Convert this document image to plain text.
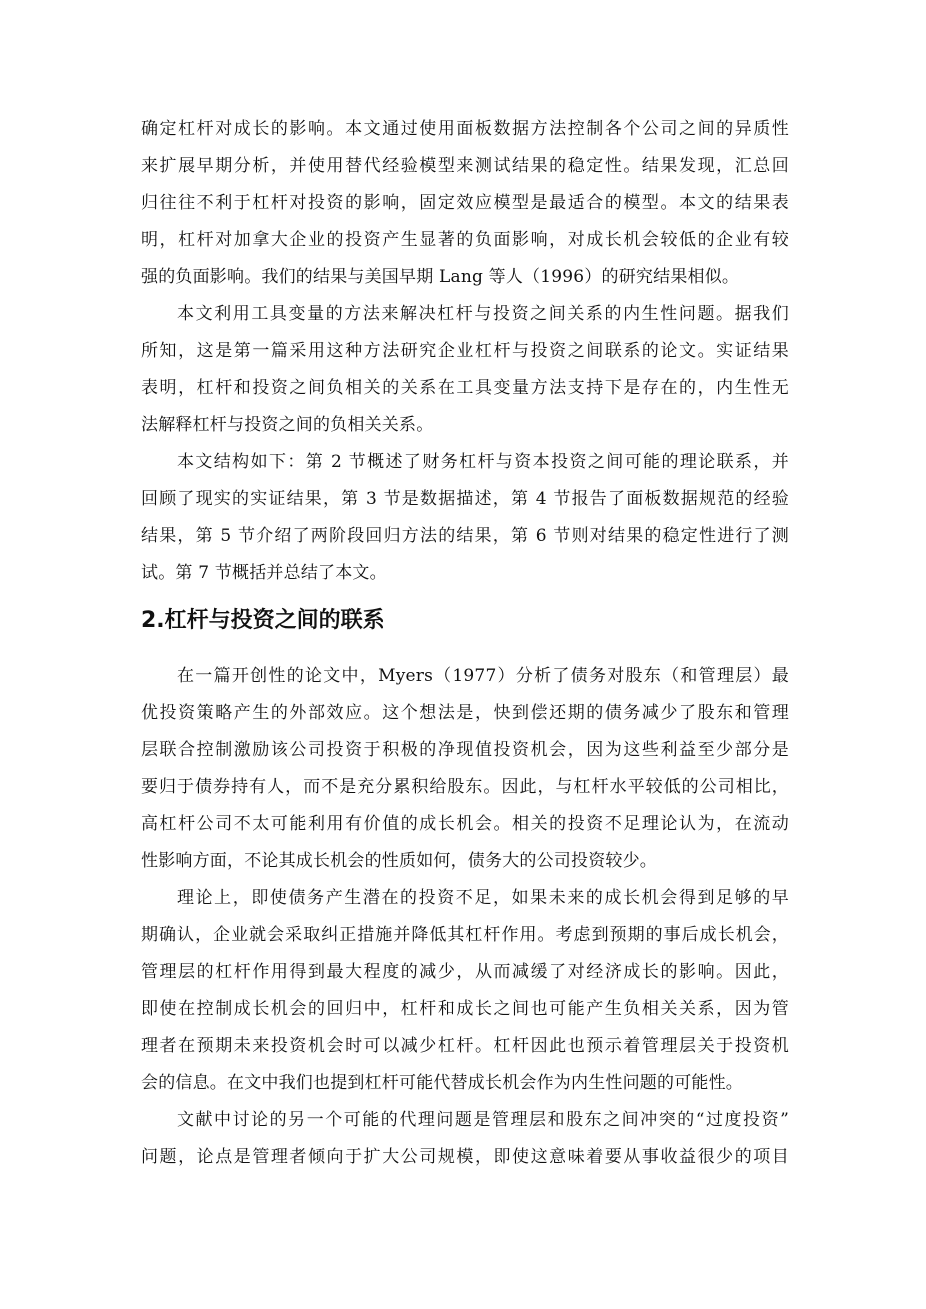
确定杠杆对成长的影响。本文通过使用面板数据方法控制各个公司之间的异质性
来扩展早期分析，并使用替代经验模型来测试结果的稳定性。结果发现，汇总回
归往往不利于杠杆对投资的影响，固定效应模型是最适合的模型。本文的结果表
明，杠杆对加拿大企业的投资产生显著的负面影响，对成长机会较低的企业有较
强的负面影响。我们的结果与美国早期 Lang 等人（1996）的研究结果相似。
本文利用工具变量的方法来解决杠杆与投资之间关系的内生性问题。据我们
所知，这是第一篇采用这种方法研究企业杠杆与投资之间联系的论文。实证结果
表明，杠杆和投资之间负相关的关系在工具变量方法支持下是存在的，内生性无
法解释杠杆与投资之间的负相关关系。
本文结构如下：第 2 节概述了财务杠杆与资本投资之间可能的理论联系，并
回顾了现实的实证结果，第 3 节是数据描述，第 4 节报告了面板数据规范的经验
结果，第 5 节介绍了两阶段回归方法的结果，第 6 节则对结果的稳定性进行了测
试。第 7 节概括并总结了本文。
2.杠杆与投资之间的联系
在一篇开创性的论文中，Myers（1977）分析了债务对股东（和管理层）最
优投资策略产生的外部效应。这个想法是，快到偿还期的债务减少了股东和管理
层联合控制激励该公司投资于积极的净现值投资机会，因为这些利益至少部分是
要归于债券持有人，而不是充分累积给股东。因此，与杠杆水平较低的公司相比，
高杠杆公司不太可能利用有价值的成长机会。相关的投资不足理论认为，在流动
性影响方面，不论其成长机会的性质如何，债务大的公司投资较少。
理论上，即使债务产生潜在的投资不足，如果未来的成长机会得到足够的早
期确认，企业就会采取纠正措施并降低其杠杆作用。考虑到预期的事后成长机会，
管理层的杠杆作用得到最大程度的减少，从而减缓了对经济成长的影响。因此，
即使在控制成长机会的回归中，杠杆和成长之间也可能产生负相关关系，因为管
理者在预期未来投资机会时可以减少杠杆。杠杆因此也预示着管理层关于投资机
会的信息。在文中我们也提到杠杆可能代替成长机会作为内生性问题的可能性。
文献中讨论的另一个可能的代理问题是管理层和股东之间冲突的“过度投资”
问题，论点是管理者倾向于扩大公司规模，即使这意味着要从事收益很少的项目
